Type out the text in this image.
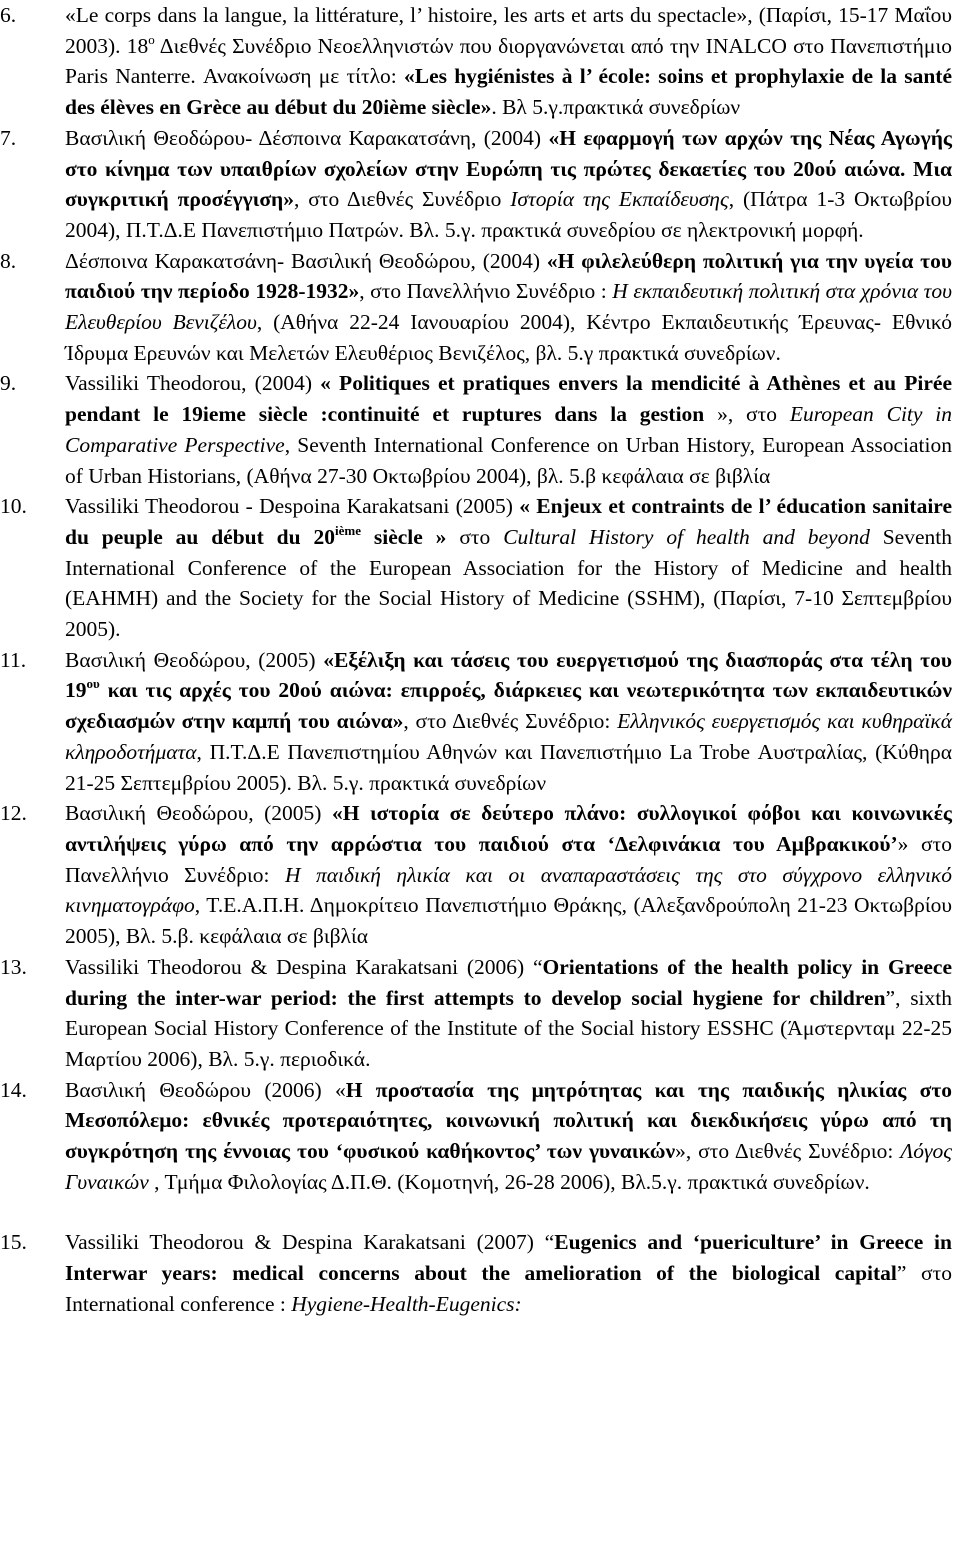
6.	«Le corps dans la langue, la littérature, l’ histoire, les arts et arts du spectacle», (Παρίσι, 15-17 Μαΐου 2003). $18^o$ Διεθνές Συνέδριο Νεοελληνιστών που διοργανώνεται από την INALCO στο Πανεπιστήμιο Paris Nanterre. Ανακοίνωση με τίτλο: «Les hygiénistes à l’ école: soins et prophylaxie de la santé des élèves en Grèce au début du 20ième siècle». Βλ 5.γ.πρακτικά συνεδρίων
7.	Βασιλική Θεοδώρου- Δέσποινα Καρακατσάνη, (2004) «Η εφαρμογή των αρχών της Νέας Αγωγής στο κίνημα των υπαιθρίων σχολείων στην Ευρώπη τις πρώτες δεκαετίες του 20ού αιώνα. Μια συγκριτική προσέγγιση», στο Διεθνές Συνέδριο Ιστορία της Εκπαίδευσης, (Πάτρα 1-3 Οκτωβρίου 2004), Π.Τ.Δ.Ε Πανεπιστήμιο Πατρών. Βλ. 5.γ. πρακτικά συνεδρίου σε ηλεκτρονική μορφή.
8.	Δέσποινα Καρακατσάνη- Βασιλική Θεοδώρου, (2004) «Η φιλελεύθερη πολιτική για την υγεία του παιδιού την περίοδο 1928-1932», στο Πανελλήνιο Συνέδριο : Η εκπαιδευτική πολιτική στα χρόνια του Ελευθερίου Βενιζέλου, (Αθήνα 22-24 Ιανουαρίου 2004), Κέντρο Εκπαιδευτικής Έρευνας- Εθνικό Ίδρυμα Ερευνών και Μελετών Ελευθέριος Βενιζέλος, βλ. 5.γ πρακτικά συνεδρίων.
9.	Vassiliki Theodorou, (2004) « Politiques et pratiques envers la mendicité à Athènes et au Pirée pendant le 19ieme siècle :continuité et ruptures dans la gestion », στο European City in Comparative Perspective, Seventh International Conference on Urban History, European Association of Urban Historians, (Αθήνα 27-30 Οκτωβρίου 2004), βλ. 5.β κεφάλαια σε βιβλία
10.	Vassiliki Theodorou - Despoina Karakatsani (2005) « Enjeux et contraints de l’ éducation sanitaire du peuple au début du 20ième siècle » στο Cultural History of health and beyond Seventh International Conference of the European Association for the History of Medicine and health (EAHMH) and the Society for the Social History of Medicine (SSHM), (Παρίσι, 7-10 Σεπτεμβρίου 2005).
11.	Βασιλική Θεοδώρου, (2005) «Εξέλιξη και τάσεις του ευεργετισμού της διασποράς στα τέλη του $19^{o\upsilon}$ και τις αρχές του 20ού αιώνα: επιρροές, διάρκειες και νεωτερικότητα των εκπαιδευτικών σχεδιασμών στην καμπή του αιώνα», στο Διεθνές Συνέδριο: Ελληνικός ευεργετισμός και κυθηραϊκά κληροδοτήματα, Π.Τ.Δ.Ε Πανεπιστημίου Αθηνών και Πανεπιστήμιο La Trobe Αυστραλίας, (Κύθηρα 21-25 Σεπτεμβρίου 2005). Βλ. 5.γ. πρακτικά συνεδρίων
12.	Βασιλική Θεοδώρου, (2005) «Η ιστορία σε δεύτερο πλάνο: συλλογικοί φόβοι και κοινωνικές αντιλήψεις γύρω από την αρρώστια του παιδιού στα ‘Δελφινάκια του Αμβρακικού’» στο Πανελλήνιο Συνέδριο: Η παιδική ηλικία και οι αναπαραστάσεις της στο σύγχρονο ελληνικό κινηματογράφο, Τ.Ε.Α.Π.Η. Δημοκρίτειο Πανεπιστήμιο Θράκης, (Αλεξανδρούπολη 21-23 Οκτωβρίου 2005), Βλ. 5.β. κεφάλαια σε βιβλία
13.	Vassiliki Theodorou & Despina Karakatsani (2006) “Orientations of the health policy in Greece during the inter-war period: the first attempts to develop social hygiene for children”, sixth European Social History Conference of the Institute of the Social history ESSHC (Άμστερνταμ 22-25 Μαρτίου 2006), Βλ. 5.γ. περιοδικά.
14.	Βασιλική Θεοδώρου (2006) «Η προστασία της μητρότητας και της παιδικής ηλικίας στο Μεσοπόλεμο: εθνικές προτεραιότητες, κοινωνική πολιτική και διεκδικήσεις γύρω από τη συγκρότηση της έννοιας του ‘φυσικού καθήκοντος’ των γυναικών», στο Διεθνές Συνέδριο: Λόγος Γυναικών , Τμήμα Φιλολογίας Δ.Π.Θ. (Κομοτηνή, 26-28 2006), Βλ.5.γ. πρακτικά συνεδρίων.
15.	Vassiliki Theodorou & Despina Karakatsani (2007) “Eugenics and ‘puericulture’ in Greece in Interwar years: medical concerns about the amelioration of the biological capital” στο International conference : Hygiene-Health-Eugenics:
